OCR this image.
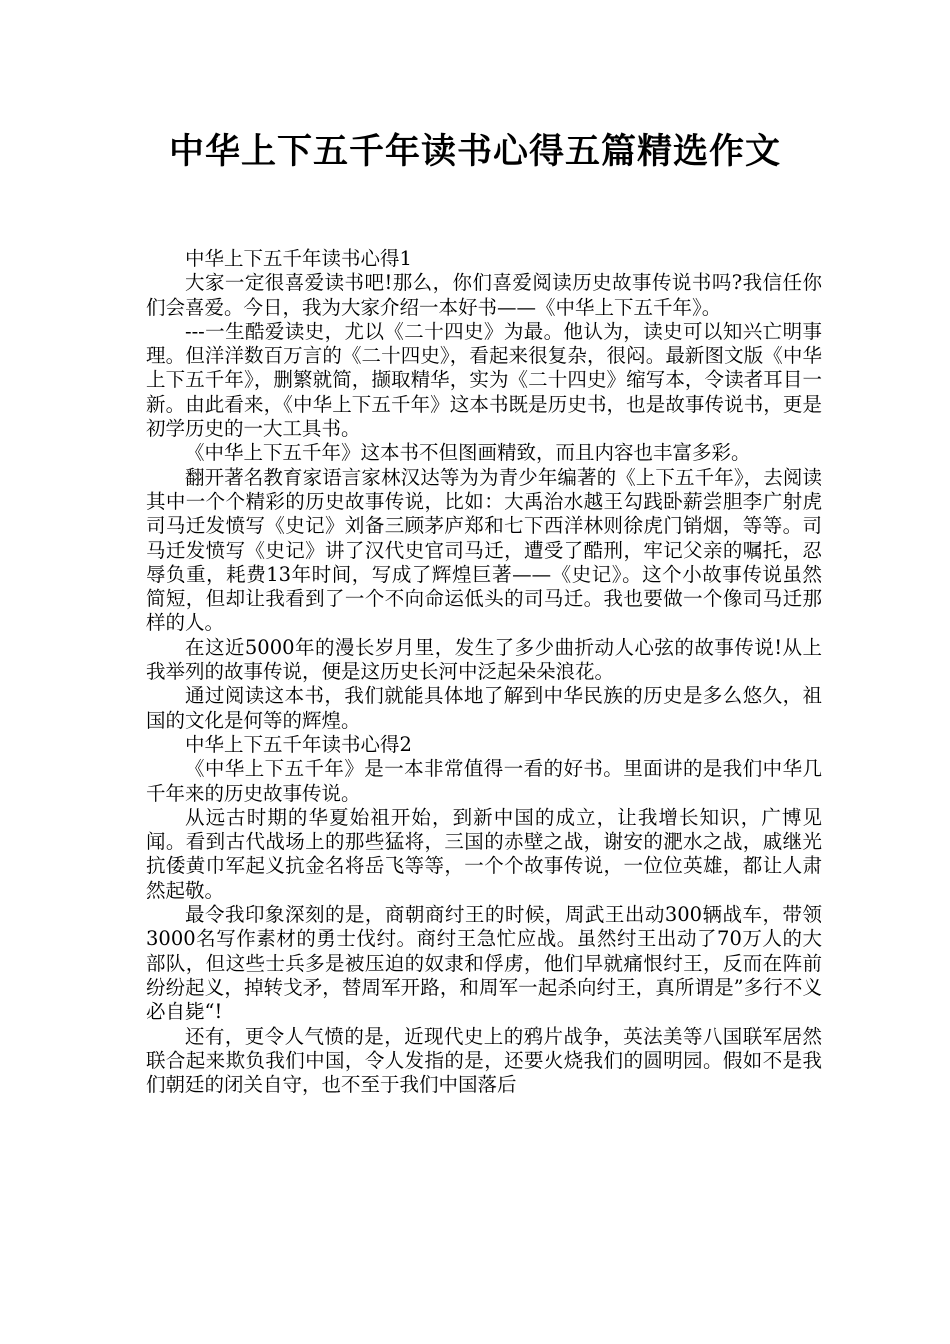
中华上下五千年读书心得五篇精选作文

中华上下五千年读书心得1

大家一定很喜爱读书吧!那么，你们喜爱阅读历史故事传说书吗?我信任你们会喜爱。今日，我为大家介绍一本好书——《中华上下五千年》。

---一生酷爱读史，尤以《二十四史》为最。他认为，读史可以知兴亡明事理。但洋洋数百万言的《二十四史》，看起来很复杂，很闷。最新图文版《中华上下五千年》，删繁就简，撷取精华，实为《二十四史》缩写本，令读者耳目一新。由此看来，《中华上下五千年》这本书既是历史书，也是故事传说书，更是初学历史的一大工具书。

《中华上下五千年》这本书不但图画精致，而且内容也丰富多彩。

翻开著名教育家语言家林汉达等为为青少年编著的《上下五千年》，去阅读其中一个个精彩的历史故事传说，比如：大禹治水越王勾践卧薪尝胆李广射虎司马迁发愤写《史记》刘备三顾茅庐郑和七下西洋林则徐虎门销烟，等等。司马迁发愤写《史记》讲了汉代史官司马迁，遭受了酷刑，牢记父亲的嘱托，忍辱负重，耗费13年时间，写成了辉煌巨著——《史记》。这个小故事传说虽然简短，但却让我看到了一个不向命运低头的司马迁。我也要做一个像司马迁那样的人。

在这近5000年的漫长岁月里，发生了多少曲折动人心弦的故事传说!从上我举列的故事传说，便是这历史长河中泛起朵朵浪花。

通过阅读这本书，我们就能具体地了解到中华民族的历史是多么悠久，祖国的文化是何等的辉煌。

中华上下五千年读书心得2

《中华上下五千年》是一本非常值得一看的好书。里面讲的是我们中华几千年来的历史故事传说。

从远古时期的华夏始祖开始，到新中国的成立，让我增长知识，广博见闻。看到古代战场上的那些猛将，三国的赤壁之战，谢安的淝水之战，戚继光抗倭黄巾军起义抗金名将岳飞等等，一个个故事传说，一位位英雄，都让人肃然起敬。

最令我印象深刻的是，商朝商纣王的时候，周武王出动300辆战车，带领3000名写作素材的勇士伐纣。商纣王急忙应战。虽然纣王出动了70万人的大部队，但这些士兵多是被压迫的奴隶和俘虏，他们早就痛恨纣王，反而在阵前纷纷起义，掉转戈矛，替周军开路，和周军一起杀向纣王，真所谓是”多行不义必自毙“!

还有，更令人气愤的是，近现代史上的鸦片战争，英法美等八国联军居然联合起来欺负我们中国，令人发指的是，还要火烧我们的圆明园。假如不是我们朝廷的闭关自守，也不至于我们中国落后
